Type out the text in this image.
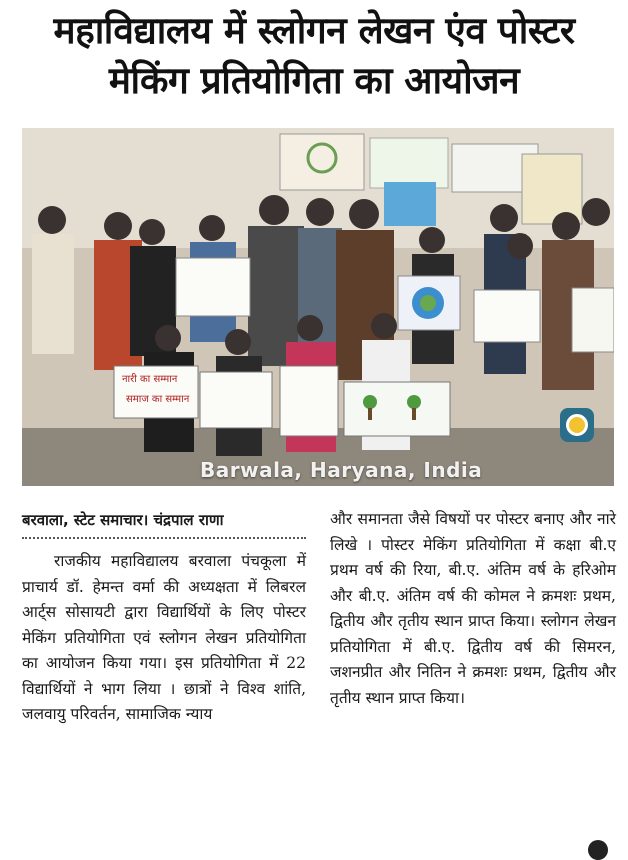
महाविद्यालय में स्लोगन लेखन एंव पोस्टर
मेकिंग प्रतियोगिता का आयोजन
नारी का सम्मान
समाज का सम्मान
Barwala, Haryana, India

बरवाला, स्टेट समाचार। चंद्रपाल राणा

राजकीय महाविद्यालय बरवाला पंचकूला में प्राचार्य डॉ. हेमन्त वर्मा की अध्यक्षता में लिबरल आर्ट्स सोसायटी द्वारा विद्यार्थियों के लिए पोस्टर मेकिंग प्रतियोगिता एवं स्लोगन लेखन प्रतियोगिता का आयोजन किया गया। इस प्रतियोगिता में 22 विद्यार्थियों ने भाग लिया । छात्रों ने विश्व शांति, जलवायु परिवर्तन, सामाजिक न्याय

और समानता जैसे विषयों पर पोस्टर बनाए और नारे लिखे । पोस्टर मेकिंग प्रतियोगिता में कक्षा बी.ए प्रथम वर्ष की रिया, बी.ए. अंतिम वर्ष के हरिओम और बी.ए. अंतिम वर्ष की कोमल ने क्रमशः प्रथम, द्वितीय और तृतीय स्थान प्राप्त किया। स्लोगन लेखन प्रतियोगिता में बी.ए. द्वितीय वर्ष की सिमरन, जशनप्रीत और नितिन ने क्रमशः प्रथम, द्वितीय और तृतीय स्थान प्राप्त किया।
